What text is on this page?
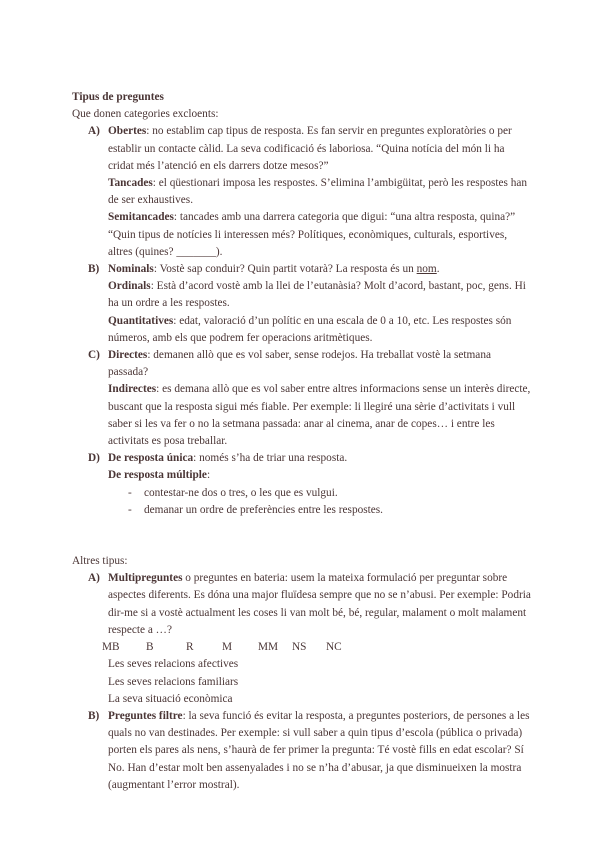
Tipus de preguntes
Que donen categories excloents:
A) Obertes: no establim cap tipus de resposta. Es fan servir en preguntes exploratòries o per establir un contacte càlid. La seva codificació és laboriosa. “Quina notícia del món li ha cridat més l’atenció en els darrers dotze mesos?”
Tancades: el qüestionari imposa les respostes. S’elimina l’ambigüitat, però les respostes han de ser exhaustives.
Semitancades: tancades amb una darrera categoria que digui: “una altra resposta, quina?” “Quin tipus de notícies li interessen més? Polítiques, econòmiques, culturals, esportives, altres (quines? _______).
B) Nominals: Vostè sap conduir? Quin partit votarà? La resposta és un nom.
Ordinals: Està d’acord vostè amb la llei de l’eutanàsia? Molt d’acord, bastant, poc, gens. Hi ha un ordre a les respostes.
Quantitatives: edat, valoració d’un polític en una escala de 0 a 10, etc. Les respostes són números, amb els que podrem fer operacions aritmètiques.
C) Directes: demanen allò que es vol saber, sense rodejos. Ha treballat vostè la setmana passada?
Indirectes: es demana allò que es vol saber entre altres informacions sense un interès directe, buscant que la resposta sigui més fiable. Per exemple: li llegiré una sèrie d’activitats i vull saber si les va fer o no la setmana passada: anar al cinema, anar de copes… i entre les activitats es posa treballar.
D) De resposta única: només s’ha de triar una resposta.
De resposta múltiple:
- contestar-ne dos o tres, o les que es vulgui.
- demanar un ordre de preferències entre les respostes.
Altres tipus:
A) Multipreguntes o preguntes en bateria: usem la mateixa formulació per preguntar sobre aspectes diferents. Es dóna una major fluïdesa sempre que no se n’abusi. Per exemple: Podria dir-me si a vostè actualment les coses li van molt bé, bé, regular, malament o molt malament respecte a …?
MB	B	R	M	MM	NS	NC
Les seves relacions afectives
Les seves relacions familiars
La seva situació econòmica
B) Preguntes filtre: la seva funció és evitar la resposta, a preguntes posteriors, de persones a les quals no van destinades. Per exemple: si vull saber a quin tipus d’escola (pública o privada) porten els pares als nens, s’haurà de fer primer la pregunta: Té vostè fills en edat escolar? Sí No. Han d’estar molt ben assenyalades i no se n’ha d’abusar, ja que disminueixen la mostra (augmentant l’error mostral).
